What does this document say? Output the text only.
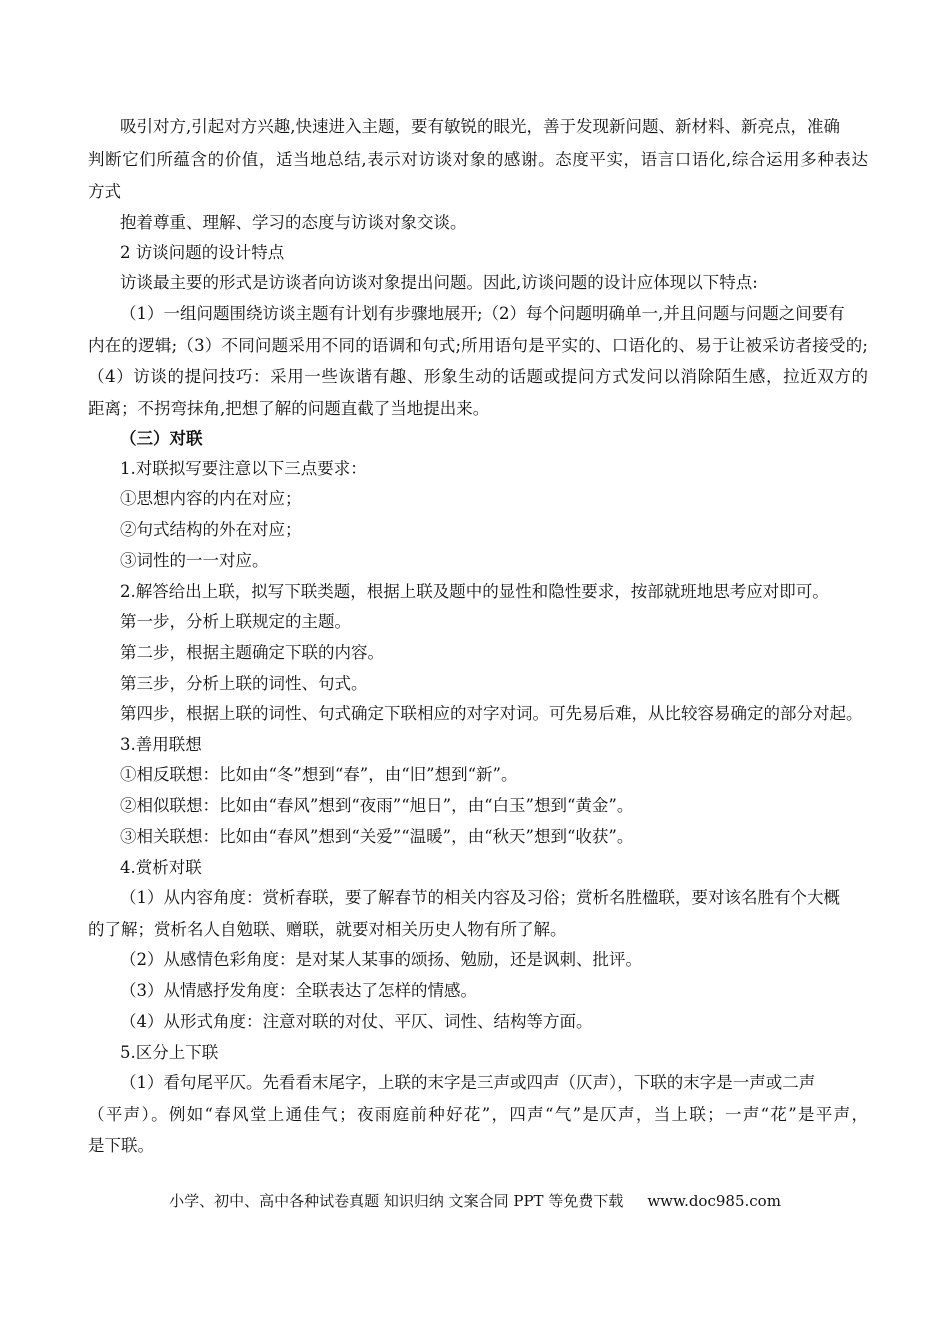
吸引对方,引起对方兴趣,快速进入主题，要有敏锐的眼光，善于发现新问题、新材料、新亮点，准确
判断它们所蕴含的价值，适当地总结,表示对访谈对象的感谢。态度平实，语言口语化,综合运用多种表达
方式
抱着尊重、理解、学习的态度与访谈对象交谈。
2 访谈问题的设计特点
访谈最主要的形式是访谈者向访谈对象提出问题。因此,访谈问题的设计应体现以下特点:
（1）一组问题围绕访谈主题有计划有步骤地展开;（2）每个问题明确单一,并且问题与问题之间要有
内在的逻辑;（3）不同问题采用不同的语调和句式;所用语句是平实的、口语化的、易于让被采访者接受的;
（4）访谈的提问技巧：采用一些诙谐有趣、形象生动的话题或提问方式发问以消除陌生感，拉近双方的
距离；不拐弯抹角,把想了解的问题直截了当地提出来。
（三）对联
1.对联拟写要注意以下三点要求：
①思想内容的内在对应；
②句式结构的外在对应；
③词性的一一对应。
2.解答给出上联，拟写下联类题，根据上联及题中的显性和隐性要求，按部就班地思考应对即可。
第一步，分析上联规定的主题。
第二步，根据主题确定下联的内容。
第三步，分析上联的词性、句式。
第四步，根据上联的词性、句式确定下联相应的对字对词。可先易后难，从比较容易确定的部分对起。
3.善用联想
①相反联想：比如由“冬”想到“春”，由“旧”想到“新”。
②相似联想：比如由“春风”想到“夜雨”“旭日”，由“白玉”想到“黄金”。
③相关联想：比如由“春风”想到“关爱”“温暖”，由“秋天”想到“收获”。
4.赏析对联
（1）从内容角度：赏析春联，要了解春节的相关内容及习俗；赏析名胜楹联，要对该名胜有个大概
的了解；赏析名人自勉联、赠联，就要对相关历史人物有所了解。
（2）从感情色彩角度：是对某人某事的颂扬、勉励，还是讽刺、批评。
（3）从情感抒发角度：全联表达了怎样的情感。
（4）从形式角度：注意对联的对仗、平仄、词性、结构等方面。
5.区分上下联
（1）看句尾平仄。先看看末尾字，上联的末字是三声或四声（仄声），下联的末字是一声或二声
（平声）。例如“春风堂上通佳气；夜雨庭前种好花”，四声“气”是仄声，当上联；一声“花”是平声，
是下联。
小学、初中、高中各种试卷真题 知识归纳 文案合同 PPT 等免费下载 www.doc985.com
